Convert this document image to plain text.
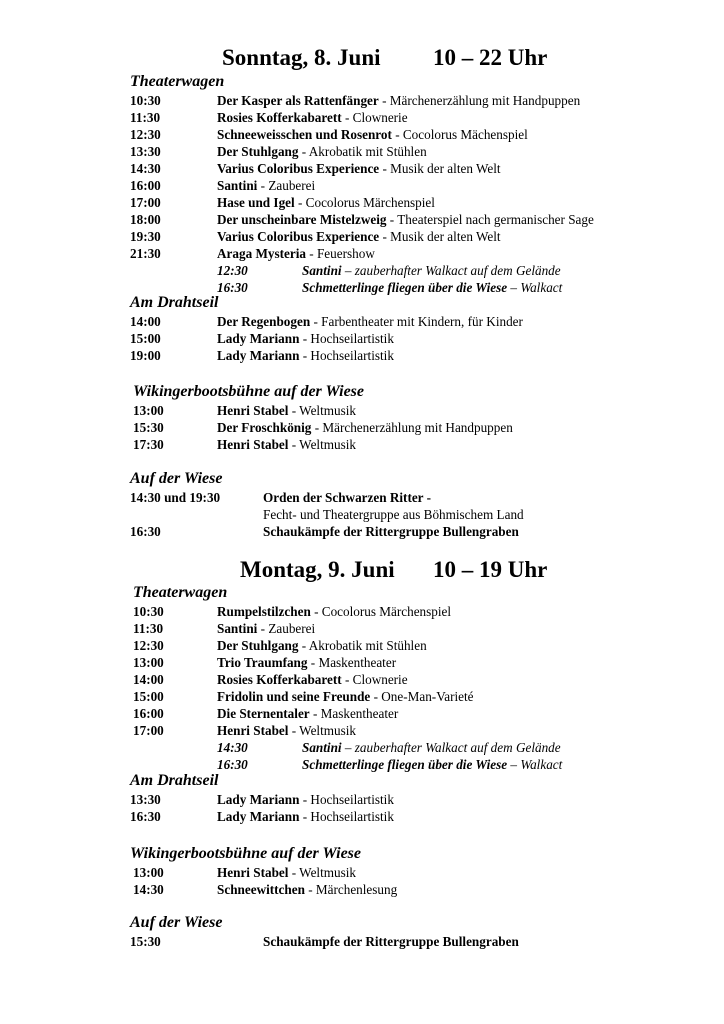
Sonntag, 8. Juni 10 – 22 Uhr
Theaterwagen
10:30	Der Kasper als Rattenfänger - Märchenerzählung mit Handpuppen
11:30	Rosies Kofferkabarett - Clownerie
12:30	Schneeweisschen und Rosenrot - Cocolorus Mächenspiel
13:30	Der Stuhlgang - Akrobatik mit Stühlen
14:30	Varius Coloribus Experience - Musik der alten Welt
16:00	Santini - Zauberei
17:00	Hase und Igel - Cocolorus Märchenspiel
18:00	Der unscheinbare Mistelzweig - Theaterspiel nach germanischer Sage
19:30	Varius Coloribus Experience - Musik der alten Welt
21:30	Araga Mysteria - Feuershow
12:30	Santini – zauberhafter Walkact auf dem Gelände
16:30	Schmetterlinge fliegen über die Wiese – Walkact
Am Drahtseil
14:00	Der Regenbogen - Farbentheater mit Kindern, für Kinder
15:00	Lady Mariann - Hochseilartistik
19:00	Lady Mariann - Hochseilartistik
Wikingerbootsbühne auf der Wiese
13:00	Henri Stabel - Weltmusik
15:30	Der Froschkönig - Märchenerzählung mit Handpuppen
17:30	Henri Stabel - Weltmusik
Auf der Wiese
14:30 und 19:30	Orden der Schwarzen Ritter -
Fecht- und Theatergruppe aus Böhmischem Land
16:30	Schaukämpfe der Rittergruppe Bullengraben
Montag, 9. Juni 10 – 19 Uhr
Theaterwagen
10:30	Rumpelstilzchen - Cocolorus Märchenspiel
11:30	Santini - Zauberei
12:30	Der Stuhlgang - Akrobatik mit Stühlen
13:00	Trio Traumfang - Maskentheater
14:00	Rosies Kofferkabarett - Clownerie
15:00	Fridolin und seine Freunde - One-Man-Varieté
16:00	Die Sternentaler - Maskentheater
17:00	Henri Stabel - Weltmusik
14:30	Santini – zauberhafter Walkact auf dem Gelände
16:30	Schmetterlinge fliegen über die Wiese – Walkact
Am Drahtseil
13:30	Lady Mariann - Hochseilartistik
16:30	Lady Mariann - Hochseilartistik
Wikingerbootsbühne auf der Wiese
13:00	Henri Stabel - Weltmusik
14:30	Schneewittchen - Märchenlesung
Auf der Wiese
15:30	Schaukämpfe der Rittergruppe Bullengraben
